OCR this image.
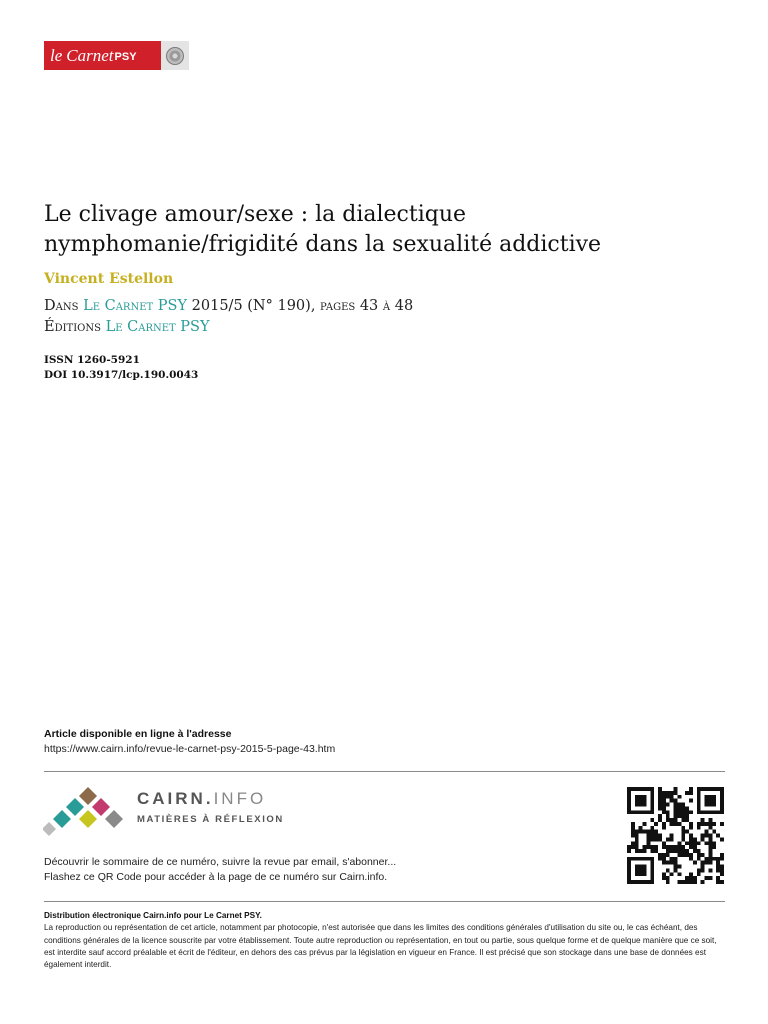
le Carnet PSY
Le clivage amour/sexe : la dialectique
nymphomanie/frigidité dans la sexualité addictive
Vincent Estellon
Dans Le Carnet PSY 2015/5 (N° 190), pages 43 à 48
Éditions Le Carnet PSY
ISSN 1260-5921
DOI 10.3917/lcp.190.0043
Article disponible en ligne à l'adresse
https://www.cairn.info/revue-le-carnet-psy-2015-5-page-43.htm
CAIRN.INFO
MATIÈRES À RÉFLEXION
Découvrir le sommaire de ce numéro, suivre la revue par email, s'abonner...
Flashez ce QR Code pour accéder à la page de ce numéro sur Cairn.info.
Distribution électronique Cairn.info pour Le Carnet PSY.
La reproduction ou représentation de cet article, notamment par photocopie, n'est autorisée que dans les limites des conditions générales d'utilisation du site ou, le cas échéant, des conditions générales de la licence souscrite par votre établissement. Toute autre reproduction ou représentation, en tout ou partie, sous quelque forme et de quelque manière que ce soit, est interdite sauf accord préalable et écrit de l'éditeur, en dehors des cas prévus par la législation en vigueur en France. Il est précisé que son stockage dans une base de données est également interdit.
